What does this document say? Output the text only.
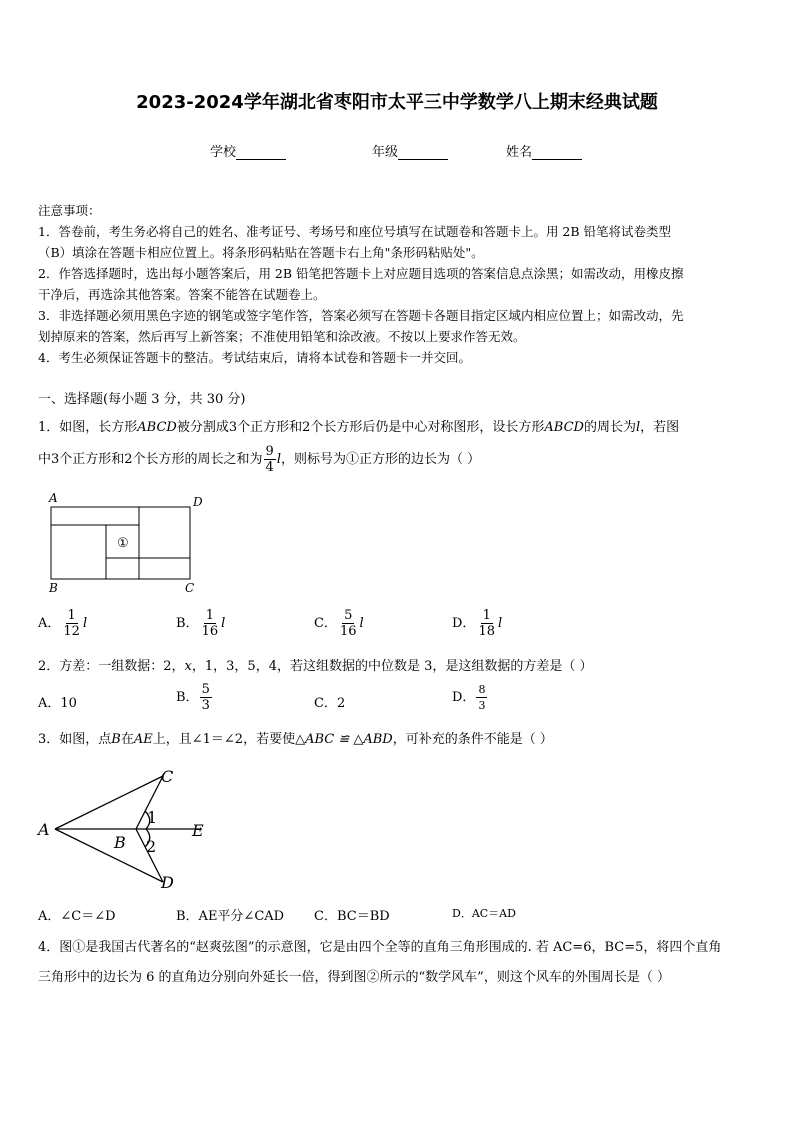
2023-2024学年湖北省枣阳市太平三中学数学八上期末经典试题
学校	年级	姓名
注意事项：
1．答卷前，考生务必将自己的姓名、准考证号、考场号和座位号填写在试题卷和答题卡上。用 2B 铅笔将试卷类型
（B）填涂在答题卡相应位置上。将条形码粘贴在答题卡右上角"条形码粘贴处"。
2．作答选择题时，选出每小题答案后，用 2B 铅笔把答题卡上对应题目选项的答案信息点涂黑；如需改动，用橡皮擦
干净后，再选涂其他答案。答案不能答在试题卷上。
3．非选择题必须用黑色字迹的钢笔或签字笔作答，答案必须写在答题卡各题目指定区域内相应位置上；如需改动，先
划掉原来的答案，然后再写上新答案；不准使用铅笔和涂改液。不按以上要求作答无效。
4．考生必须保证答题卡的整洁。考试结束后，请将本试卷和答题卡一并交回。
一、选择题(每小题 3 分，共 30 分)
1．如图，长方形ABCD被分割成3个正方形和2个长方形后仍是中心对称图形，设长方形ABCD的周长为l，若图
中3个正方形和2个长方形的周长之和为 $\frac{9}{4}$ l，则标号为①正方形的边长为（ ）
A	D
B	C
①
A． $\frac{1}{12}$ l	B． $\frac{1}{16}$ l	C． $\frac{5}{16}$ l	D． $\frac{1}{18}$ l
2．方差：一组数据：2，x，1，3，5，4，若这组数据的中位数是 3，是这组数据的方差是（ ）
A．10	B． $\frac{5}{3}$	C．2	D． $\frac{8}{3}$
3．如图，点B在AE上，且∠1＝∠2，若要使△ABC ≌ △ABD，可补充的条件不能是（ ）
A
C
B
E
D
1
2
A．∠C＝∠D	B．AE平分∠CAD C．BC＝BD	D．AC＝AD
4．图①是我国古代著名的“赵爽弦图”的示意图，它是由四个全等的直角三角形围成的. 若 AC=6，BC=5，将四个直角
三角形中的边长为 6 的直角边分别向外延长一倍，得到图②所示的“数学风车”，则这个风车的外围周长是（ ）
